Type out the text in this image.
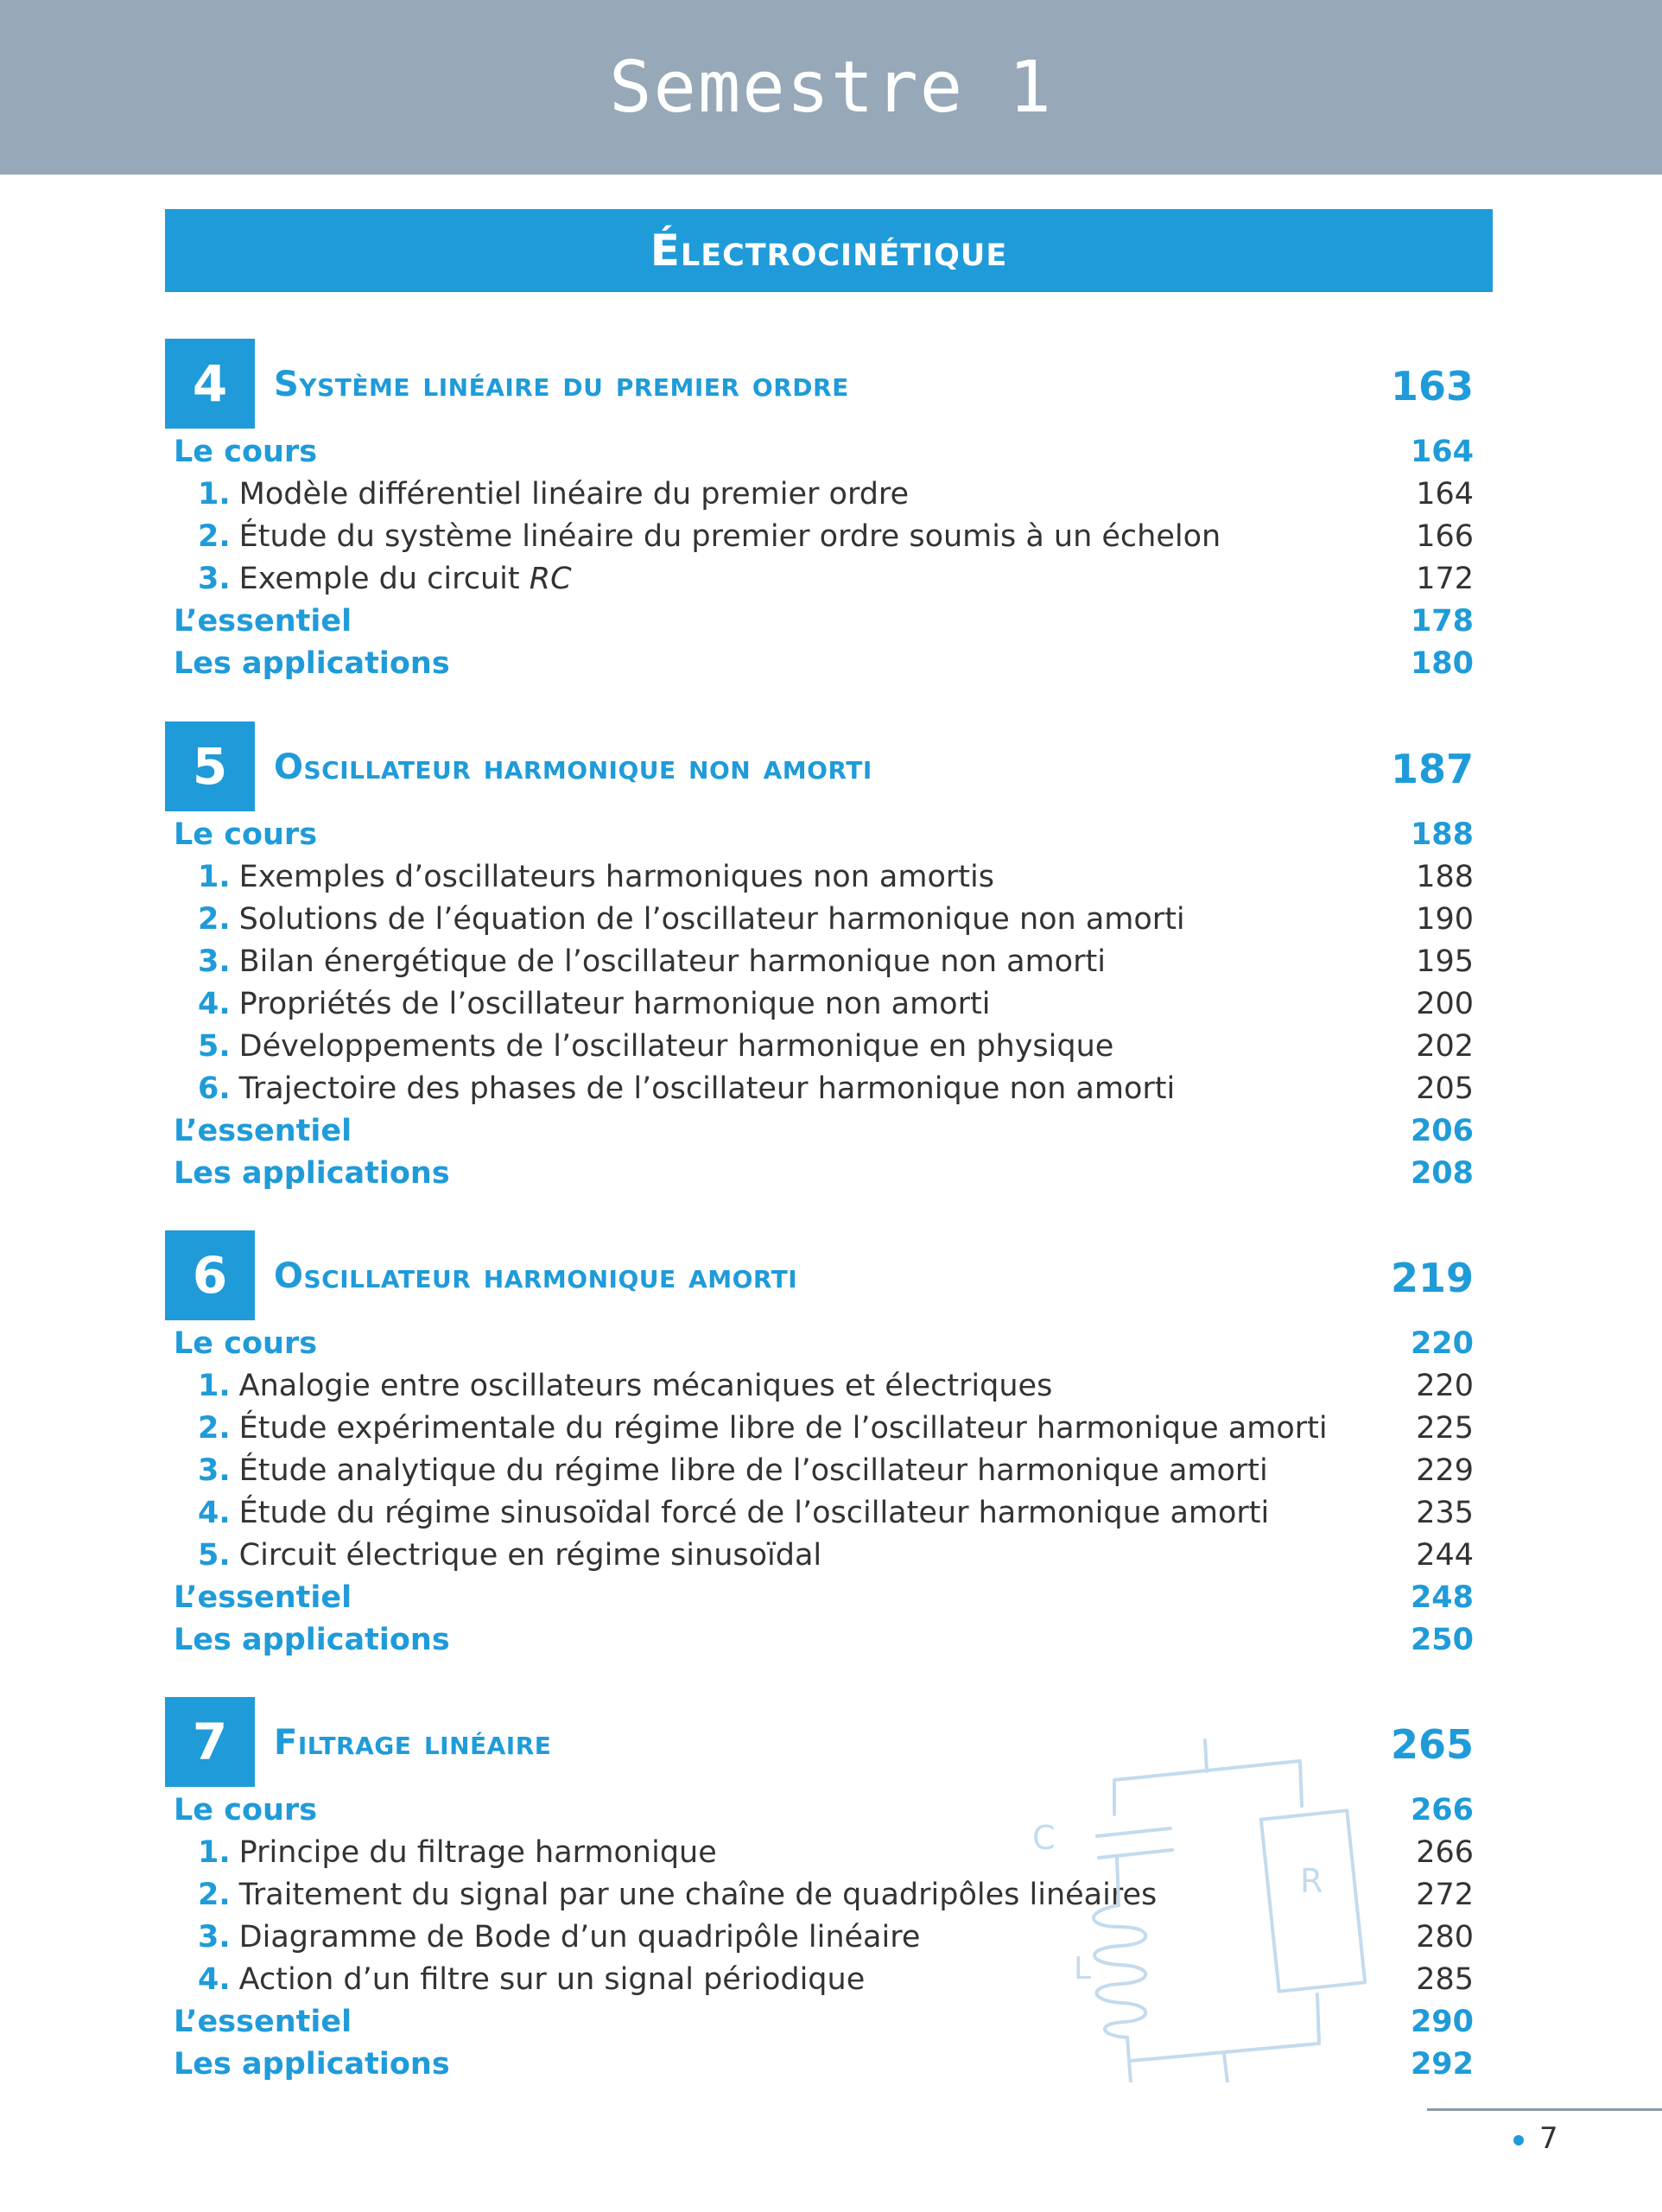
Semestre 1
Électrocinétique
4	Système linéaire du premier ordre	163
Le cours	164
1. Modèle différentiel linéaire du premier ordre	164
2. Étude du système linéaire du premier ordre soumis à un échelon	166
3. Exemple du circuit RC	172
L’essentiel	178
Les applications	180
5	Oscillateur harmonique non amorti	187
Le cours	188
1. Exemples d’oscillateurs harmoniques non amortis	188
2. Solutions de l’équation de l’oscillateur harmonique non amorti	190
3. Bilan énergétique de l’oscillateur harmonique non amorti	195
4. Propriétés de l’oscillateur harmonique non amorti	200
5. Développements de l’oscillateur harmonique en physique	202
6. Trajectoire des phases de l’oscillateur harmonique non amorti	205
L’essentiel	206
Les applications	208
6	Oscillateur harmonique amorti	219
Le cours	220
1. Analogie entre oscillateurs mécaniques et électriques	220
2. Étude expérimentale du régime libre de l’oscillateur harmonique amorti	225
3. Étude analytique du régime libre de l’oscillateur harmonique amorti	229
4. Étude du régime sinusoïdal forcé de l’oscillateur harmonique amorti	235
5. Circuit électrique en régime sinusoïdal	244
L’essentiel	248
Les applications	250
7	Filtrage linéaire	265
Le cours	266
1. Principe du filtrage harmonique	266
2. Traitement du signal par une chaîne de quadripôles linéaires	272
3. Diagramme de Bode d’un quadripôle linéaire	280
4. Action d’un filtre sur un signal périodique	285
L’essentiel	290
Les applications	292
C
R
L
7
